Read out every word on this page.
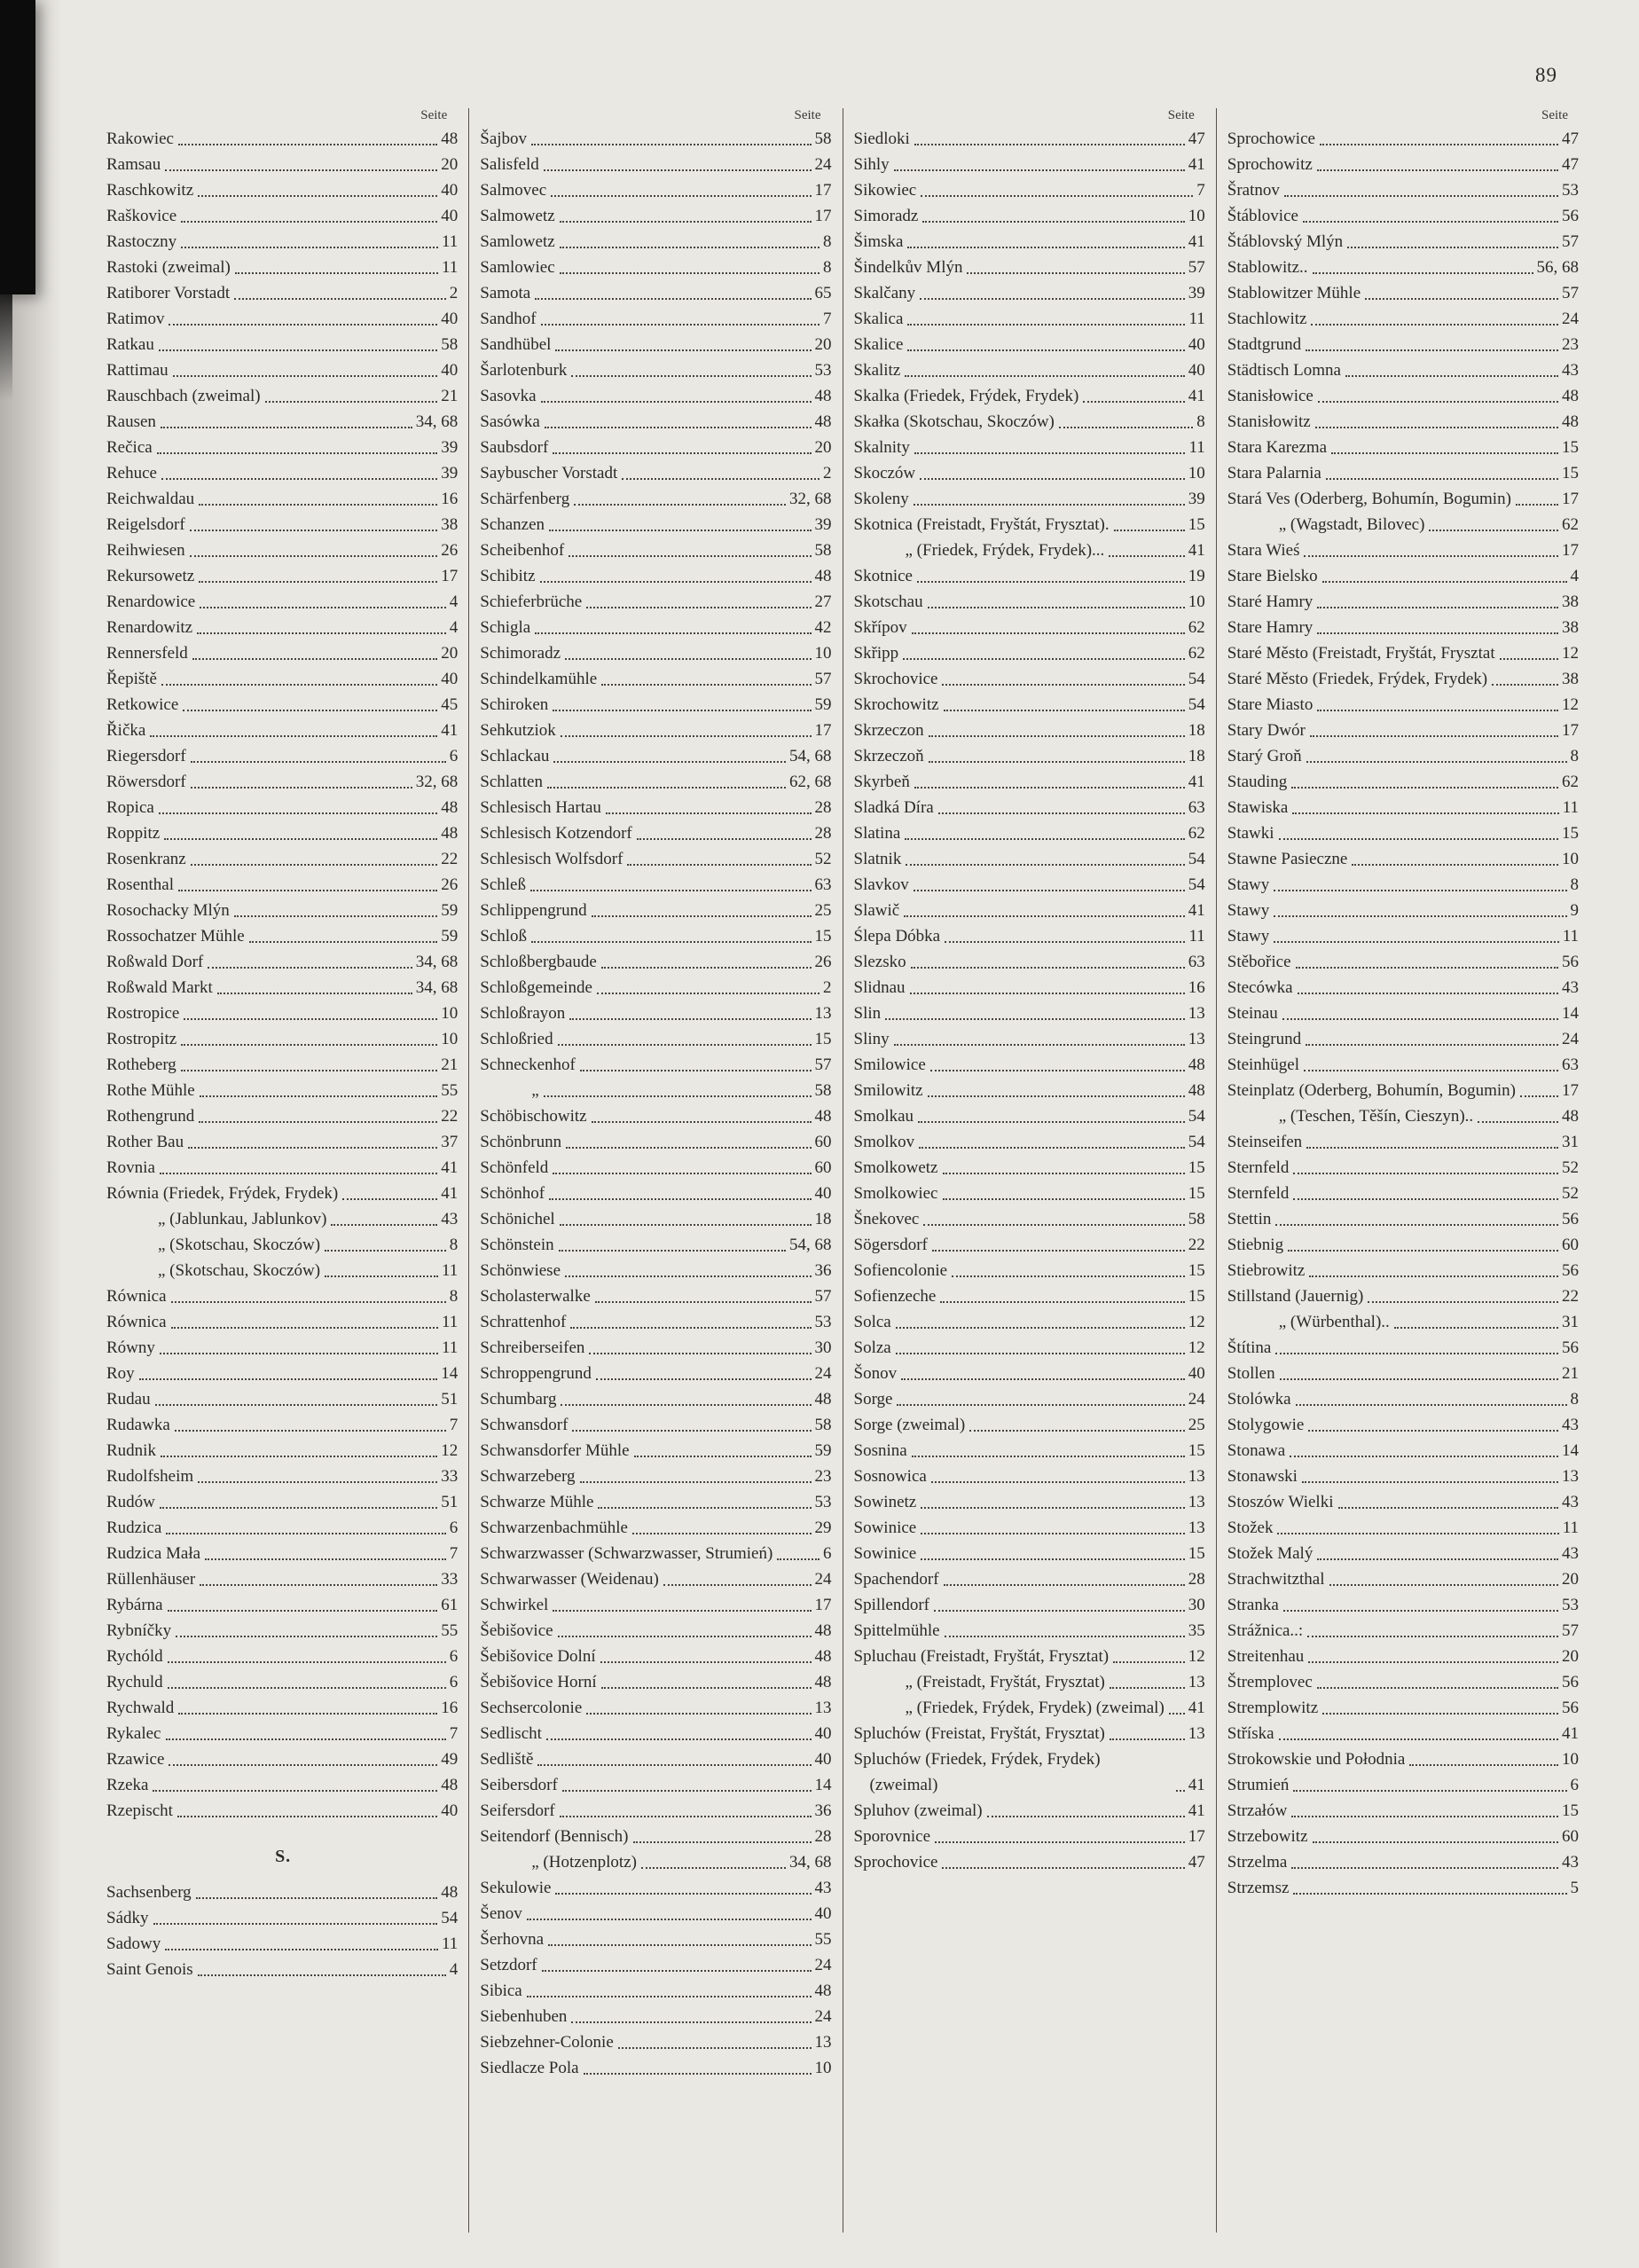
89
Seite
Rakowiec	48
Ramsau	20
Raschkowitz	40
Raškovice	40
Rastoczny	11
Rastoki (zweimal)	11
Ratiborer Vorstadt	2
Ratimov	40
Ratkau	58
Rattimau	40
Rauschbach (zweimal)	21
Rausen	34, 68
Rečica	39
Rehuce	39
Reichwaldau	16
Reigelsdorf	38
Reihwiesen	26
Rekursowetz	17
Renardowice	4
Renardowitz	4
Rennersfeld	20
Řepiště	40
Retkowice	45
Řička	41
Riegersdorf	6
Röwersdorf	32, 68
Ropica	48
Roppitz	48
Rosenkranz	22
Rosenthal	26
Rosochacky Mlýn	59
Rossochatzer Mühle	59
Roßwald Dorf	34, 68
Roßwald Markt	34, 68
Rostropice	10
Rostropitz	10
Rotheberg	21
Rothe Mühle	55
Rothengrund	22
Rother Bau	37
Rovnia	41
Równia (Friedek, Frýdek, Frydek)	41
„ (Jablunkau, Jablunkov)	43
„ (Skotschau, Skoczów)	8
„ (Skotschau, Skoczów)	11
Równica	8
Równica	11
Równy	11
Roy	14
Rudau	51
Rudawka	7
Rudnik	12
Rudolfsheim	33
Rudów	51
Rudzica	6
Rudzica Mała	7
Rüllenhäuser	33
Rybárna	61
Rybníčky	55
Rychóld	6
Rychuld	6
Rychwald	16
Rykalec	7
Rzawice	49
Rzeka	48
Rzepischt	40
S.
Sachsenberg	48
Sádky	54
Sadowy	11
Saint Genois	4
Seite
Šajbov	58
Salisfeld	24
Salmovec	17
Salmowetz	17
Samlowetz	8
Samlowiec	8
Samota	65
Sandhof	7
Sandhübel	20
Šarlotenburk	53
Sasovka	48
Sasówka	48
Saubsdorf	20
Saybuscher Vorstadt	2
Schärfenberg	32, 68
Schanzen	39
Scheibenhof	58
Schibitz	48
Schieferbrüche	27
Schigla	42
Schimoradz	10
Schindelkamühle	57
Schiroken	59
Sehkutziok	17
Schlackau	54, 68
Schlatten	62, 68
Schlesisch Hartau	28
Schlesisch Kotzendorf	28
Schlesisch Wolfsdorf	52
Schleß	63
Schlippengrund	25
Schloß	15
Schloßbergbaude	26
Schloßgemeinde	2
Schloßrayon	13
Schloßried	15
Schneckenhof	57
„	58
Schöbischowitz	48
Schönbrunn	60
Schönfeld	60
Schönhof	40
Schönichel	18
Schönstein	54, 68
Schönwiese	36
Scholasterwalke	57
Schrattenhof	53
Schreiberseifen	30
Schroppengrund	24
Schumbarg	48
Schwansdorf	58
Schwansdorfer Mühle	59
Schwarzeberg	23
Schwarze Mühle	53
Schwarzenbachmühle	29
Schwarzwasser (Schwarzwasser, Strumień)	6
Schwarwasser (Weidenau)	24
Schwirkel	17
Šebišovice	48
Šebišovice Dolní	48
Šebišovice Horní	48
Sechsercolonie	13
Sedlischt	40
Sedliště	40
Seibersdorf	14
Seifersdorf	36
Seitendorf (Bennisch)	28
„ (Hotzenplotz)	34, 68
Sekulowie	43
Šenov	40
Šerhovna	55
Setzdorf	24
Sibica	48
Siebenhuben	24
Siebzehner-Colonie	13
Siedlacze Pola	10
Seite
Siedloki	47
Sihly	41
Sikowiec	7
Simoradz	10
Šimska	41
Šindelkův Mlýn	57
Skalčany	39
Skalica	11
Skalice	40
Skalitz	40
Skalka (Friedek, Frýdek, Frydek)	41
Skałka (Skotschau, Skoczów)	8
Skalnity	11
Skoczów	10
Skoleny	39
Skotnica (Freistadt, Fryštát, Frysztat).	15
„ (Friedek, Frýdek, Frydek)...	41
Skotnice	19
Skotschau	10
Skřípov	62
Skřipp	62
Skrochovice	54
Skrochowitz	54
Skrzeczon	18
Skrzeczoň	18
Skyrbeň	41
Sladká Díra	63
Slatina	62
Slatnik	54
Slavkov	54
Slawič	41
Ślepa Dóbka	11
Slezsko	63
Slidnau	16
Slin	13
Sliny	13
Smilowice	48
Smilowitz	48
Smolkau	54
Smolkov	54
Smolkowetz	15
Smolkowiec	15
Šnekovec	58
Sögersdorf	22
Sofiencolonie	15
Sofienzeche	15
Solca	12
Solza	12
Šonov	40
Sorge	24
Sorge (zweimal)	25
Sosnina	15
Sosnowica	13
Sowinetz	13
Sowinice	13
Sowinice	15
Spachendorf	28
Spillendorf	30
Spittelmühle	35
Spluchau (Freistadt, Fryštát, Frysztat)	12
„ (Freistadt, Fryštát, Frysztat)	13
„ (Friedek, Frýdek, Frydek) (zweimal) 41
Spluchów (Freistat, Fryštát, Frysztat)	13
Spluchów (Friedek, Frýdek, Frydek) (zweimal)	41
Spluhov (zweimal)	41
Sporovnice	17
Sprochovice	47
Seite
Sprochowice	47
Sprochowitz	47
Šratnov	53
Štáblovice	56
Štáblovský Mlýn	57
Stablowitz..	56, 68
Stablowitzer Mühle	57
Stachlowitz	24
Stadtgrund	23
Städtisch Lomna	43
Stanisłowice	48
Stanisłowitz	48
Stara Karezma	15
Stara Palarnia	15
Stará Ves (Oderberg, Bohumín, Bogumin)	17
„ (Wagstadt, Bilovec)	62
Stara Wieś	17
Stare Bielsko	4
Staré Hamry	38
Stare Hamry	38
Staré Město (Freistadt, Fryštát, Frysztat	12
Staré Město (Friedek, Frýdek, Frydek)	38
Stare Miasto	12
Stary Dwór	17
Starý Groň	8
Stauding	62
Stawiska	11
Stawki	15
Stawne Pasieczne	10
Stawy	8
Stawy	9
Stawy	11
Stěbořice	56
Stecówka	43
Steinau	14
Steingrund	24
Steinhügel	63
Steinplatz (Oderberg, Bohumín, Bogumin)	17
„ (Teschen, Těšín, Cieszyn)..	48
Steinseifen	31
Sternfeld	52
Sternfeld	52
Stettin	56
Stiebnig	60
Stiebrowitz	56
Stillstand (Jauernig)	22
„ (Würbenthal)..	31
Štítina	56
Stollen	21
Stolówka	8
Stolygowie	43
Stonawa	14
Stonawski	13
Stoszów Wielki	43
Stožek	11
Stožek Malý	43
Strachwitzthal	20
Stranka	53
Strážnica..:	57
Streitenhau	20
Štremplovec	56
Stremplowitz	56
Stříska	41
Strokowskie und Połodnia	10
Strumień	6
Strzałów	15
Strzebowitz	60
Strzelma	43
Strzemsz	5
